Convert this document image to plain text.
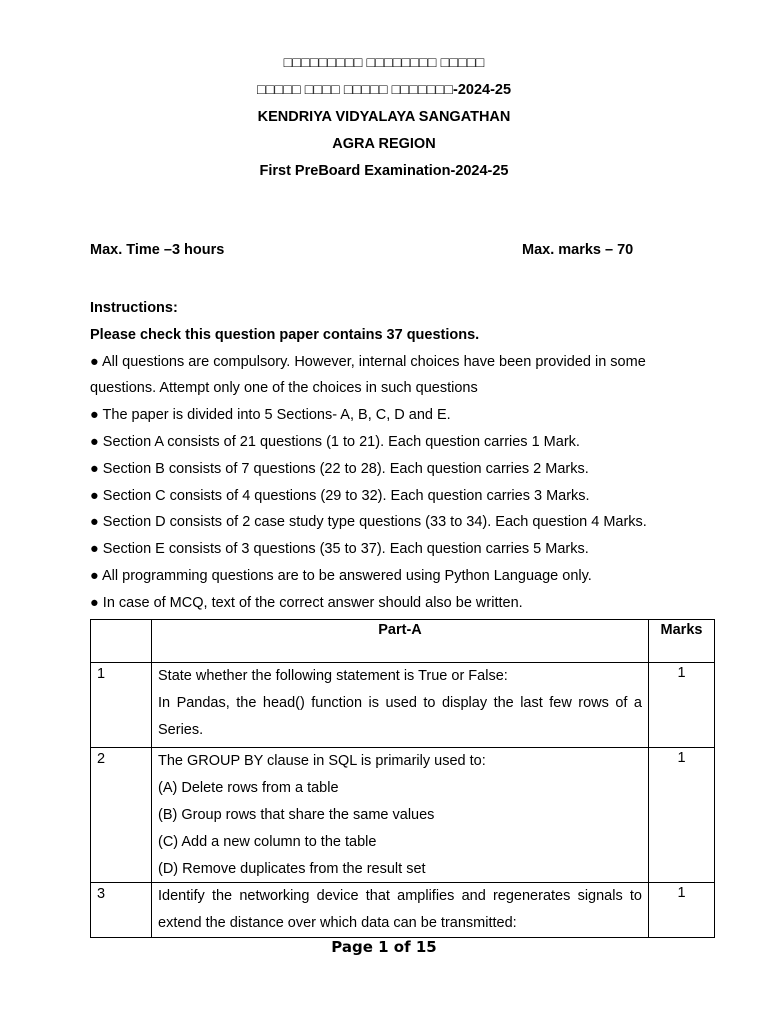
□□□□□□□□□ □□□□□□□□ □□□□□
□□□□□ □□□□ □□□□□ □□□□□□□-2024-25
KENDRIYA VIDYALAYA SANGATHAN
AGRA REGION
First PreBoard Examination-2024-25
Max. Time –3 hours	Max. marks – 70
Instructions:
Please check this question paper contains 37 questions.
● All questions are compulsory. However, internal choices have been provided in some
questions. Attempt only one of the choices in such questions
● The paper is divided into 5 Sections- A, B, C, D and E.
● Section A consists of 21 questions (1 to 21). Each question carries 1 Mark.
● Section B consists of 7 questions (22 to 28). Each question carries 2 Marks.
● Section C consists of 4 questions (29 to 32). Each question carries 3 Marks.
● Section D consists of 2 case study type questions (33 to 34). Each question 4 Marks.
● Section E consists of 3 questions (35 to 37). Each question carries 5 Marks.
● All programming questions are to be answered using Python Language only.
● In case of MCQ, text of the correct answer should also be written.
	Part-A	Marks
1	State whether the following statement is True or False:
In Pandas, the head() function is used to display the last few rows of a Series.	1
2	The GROUP BY clause in SQL is primarily used to:
(A) Delete rows from a table
(B) Group rows that share the same values
(C) Add a new column to the table
(D) Remove duplicates from the result set	1
3	Identify the networking device that amplifies and regenerates signals to extend the distance over which data can be transmitted:	1
Page 1 of 15
